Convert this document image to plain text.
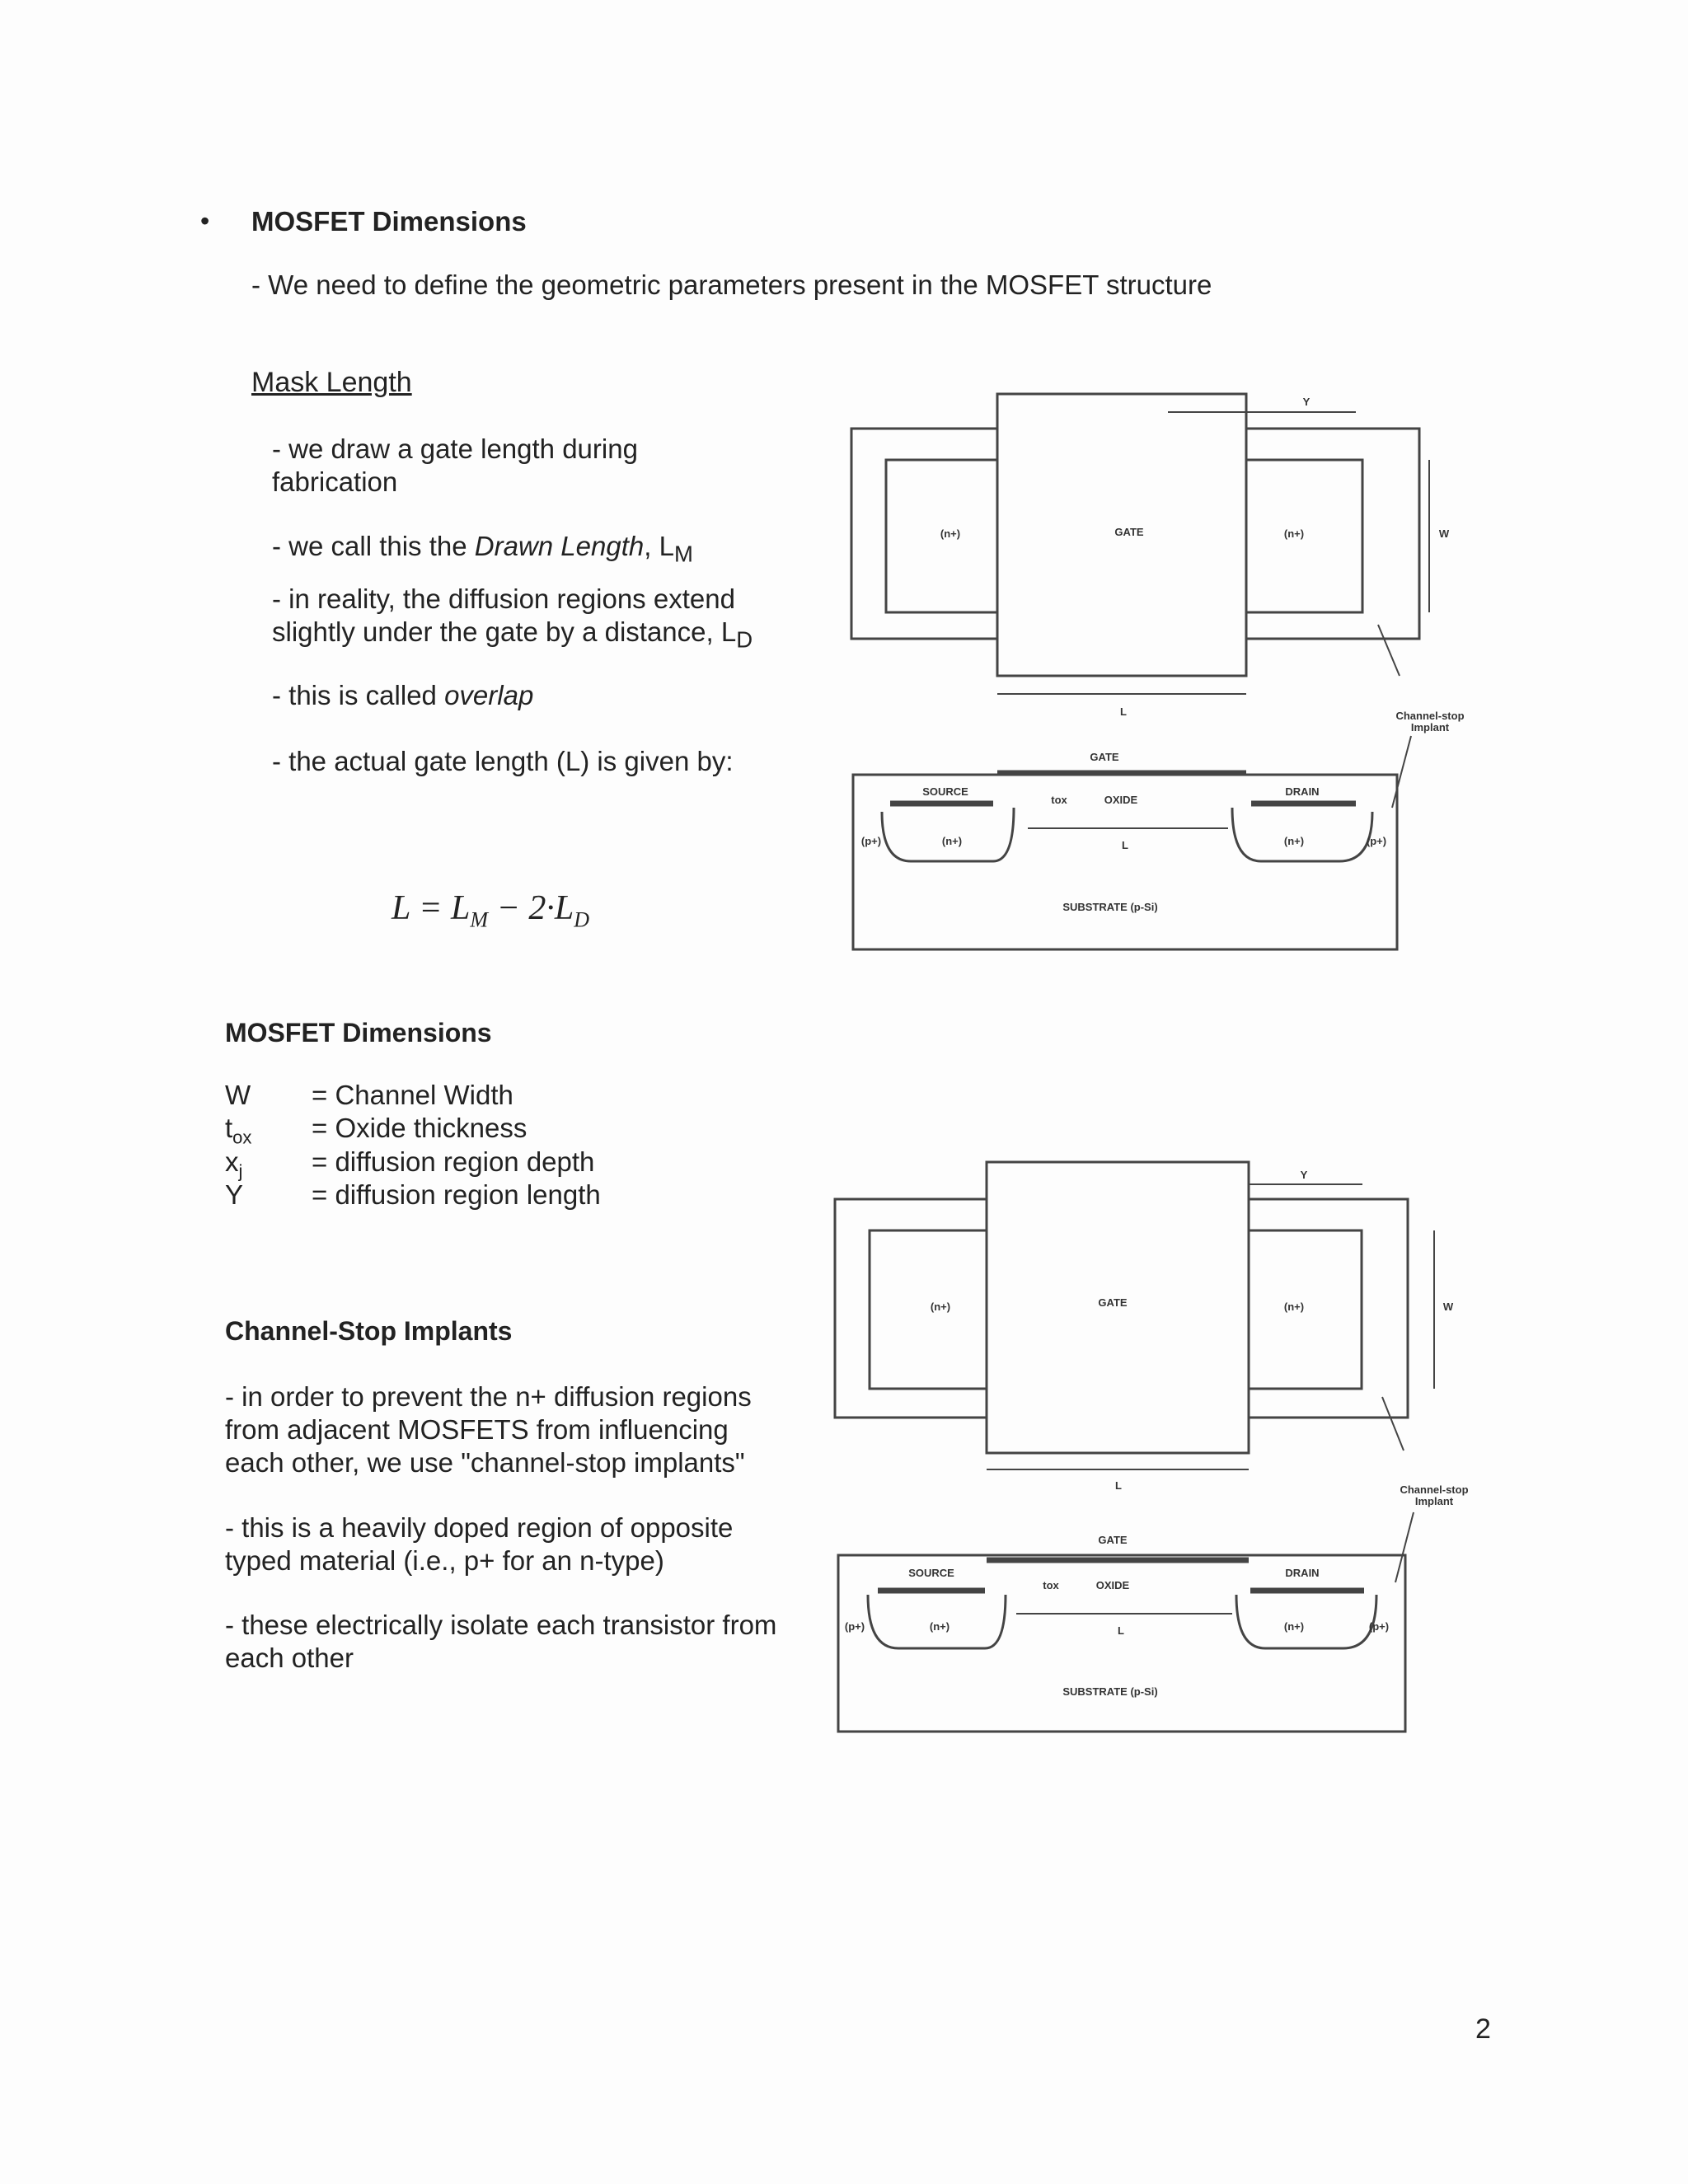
• MOSFET Dimensions
- We need to define the geometric parameters present in the MOSFET structure
Mask Length
- we draw a gate length during fabrication
- we call this the Drawn Length, $L_M$
- in reality, the diffusion regions extend slightly under the gate by a distance, $L_D$
- this is called overlap
- the actual gate length (L) is given by:
$L = L_M - 2\cdot L_D$
MOSFET Dimensions
W = Channel Width
$t_{ox}$ = Oxide thickness
$x_j$	= diffusion region depth
Y	= diffusion region length
Channel-Stop Implants
- in order to prevent the n+ diffusion regions from adjacent MOSFETS from influencing each other, we use "channel-stop implants"
- this is a heavily doped region of opposite typed material (i.e., p+ for an n-type)
- these electrically isolate each transistor from each other
GATE
(n+)	(n+)
Y
W
L	Channel-stop
Implant
GATE
SOURCE	DRAIN
OXIDE
tox
L
(p+)	(n+)	(n+)	(p+)
SUBSTRATE (p-Si)
GATE
(n+)	(n+)
Y
W
L	Channel-stop
Implant
GATE
SOURCE	DRAIN
OXIDE
tox
L
(p+)	(n+)	(n+)	(p+)
SUBSTRATE (p-Si)
2
